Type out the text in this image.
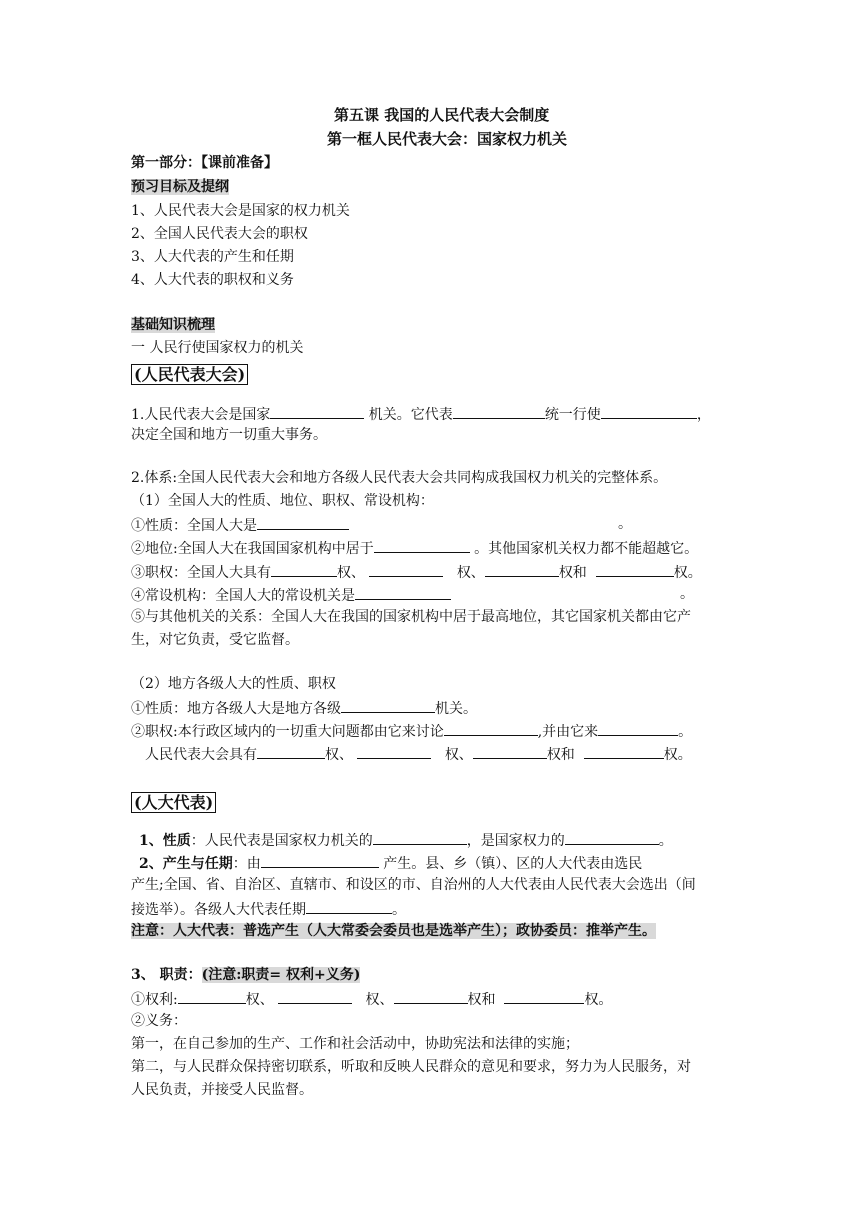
第五课 我国的人民代表大会制度
第一框人民代表大会：国家权力机关
第一部分：【课前准备】
预习目标及提纲
1、人民代表大会是国家的权力机关
2、全国人民代表大会的职权
3、人大代表的产生和任期
4、人大代表的职权和义务
基础知识梳理
一 人民行使国家权力的机关
(人民代表大会)
1.人民代表大会是国家	机关。它代表	统一行使	，
决定全国和地方一切重大事务。
2.体系:全国人民代表大会和地方各级人民代表大会共同构成我国权力机关的完整体系。
（1）全国人大的性质、地位、职权、常设机构：
①性质：全国人大是	。
②地位:全国人大在我国国家机构中居于	。其他国家机关权力都不能超越它。
③职权：全国人大具有	权、	权、	权和	权。
④常设机构：全国人大的常设机关是	。
⑤与其他机关的关系：全国人大在我国的国家机构中居于最高地位，其它国家机关都由它产
生，对它负责，受它监督。
（2）地方各级人大的性质、职权
①性质：地方各级人大是地方各级	机关。
②职权:本行政区域内的一切重大问题都由它来讨论	,并由它来	。
人民代表大会具有	权、	权、	权和	权。
(人大代表)
1、性质：人民代表是国家权力机关的	，是国家权力的	。
2、产生与任期：由	产生。县、乡（镇）、区的人大代表由选民
产生;全国、省、自治区、直辖市、和设区的市、自治州的人大代表由人民代表大会选出（间
接选举）。各级人大代表任期	。
注意：人大代表：普选产生（人大常委会委员也是选举产生）；政协委员：推举产生。
3、 职责：(注意:职责= 权利+义务)
①权利:	权、	权、	权和	权。
②义务：
第一，在自己参加的生产、工作和社会活动中，协助宪法和法律的实施；
第二，与人民群众保持密切联系，听取和反映人民群众的意见和要求，努力为人民服务，对
人民负责，并接受人民监督。
